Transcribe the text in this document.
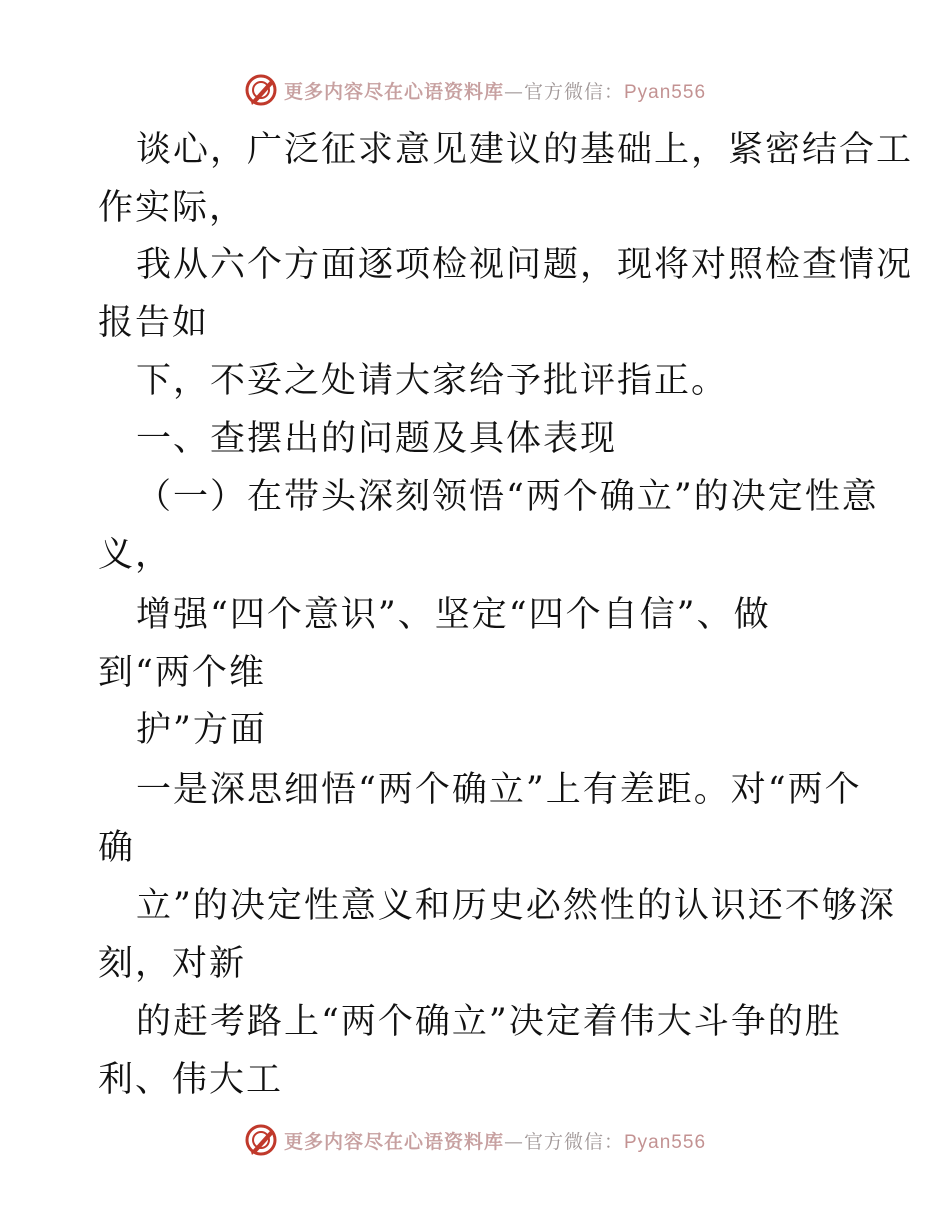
更多内容尽在心语资料库—官方微信：Pyan556
谈心，广泛征求意见建议的基础上，紧密结合工
作实际，
我从六个方面逐项检视问题，现将对照检查情况
报告如
下，不妥之处请大家给予批评指正。
一、查摆出的问题及具体表现
（一）在带头深刻领悟“两个确立”的决定性意
义，
增强“四个意识”、坚定“四个自信”、做
到“两个维
护”方面
一是深思细悟“两个确立”上有差距。对“两个
确
立”的决定性意义和历史必然性的认识还不够深
刻，对新
的赶考路上“两个确立”决定着伟大斗争的胜
利、伟大工
更多内容尽在心语资料库—官方微信：Pyan556
